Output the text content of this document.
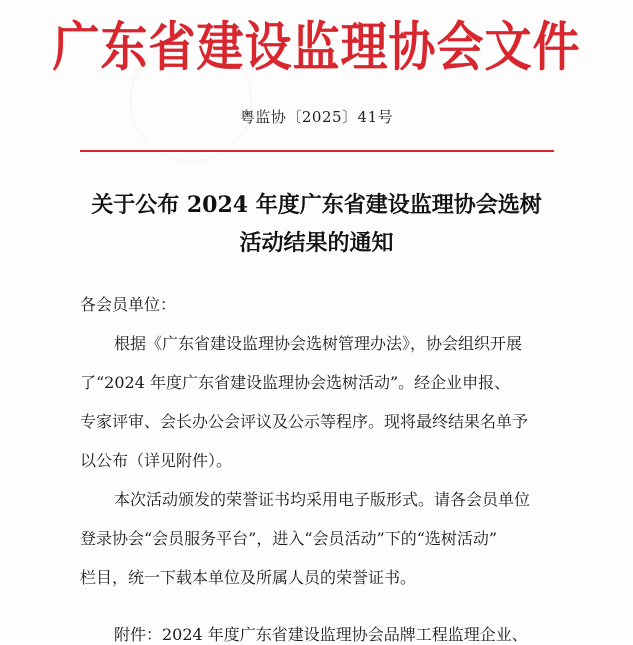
广东省建设监理协会文件
粤监协〔2025〕41号
关于公布 2024 年度广东省建设监理协会选树
活动结果的通知
各会员单位：
根据《广东省建设监理协会选树管理办法》，协会组织开展
了“2024 年度广东省建设监理协会选树活动”。经企业申报、
专家评审、会长办公会评议及公示等程序。现将最终结果名单予
以公布（详见附件）。
本次活动颁发的荣誉证书均采用电子版形式。请各会员单位
登录协会“会员服务平台”，进入“会员活动”下的“选树活动”
栏目，统一下载本单位及所属人员的荣誉证书。
附件：2024 年度广东省建设监理协会品牌工程监理企业、
